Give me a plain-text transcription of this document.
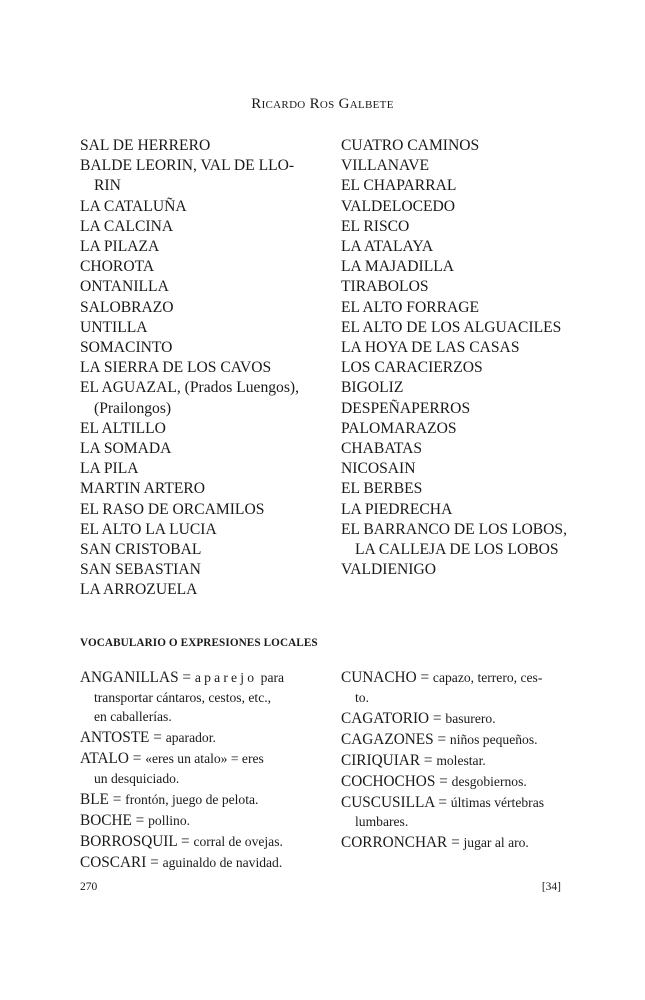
Ricardo Ros Galbete
SAL DE HERRERO
BALDE LEORIN, VAL DE LLO-
RIN
LA CATALUÑA
LA CALCINA
LA PILAZA
CHOROTA
ONTANILLA
SALOBRAZO
UNTILLA
SOMACINTO
LA SIERRA DE LOS CAVOS
EL AGUAZAL, (Prados Luengos),
(Prailongos)
EL ALTILLO
LA SOMADA
LA PILA
MARTIN ARTERO
EL RASO DE ORCAMILOS
EL ALTO LA LUCIA
SAN CRISTOBAL
SAN SEBASTIAN
LA ARROZUELA
CUATRO CAMINOS
VILLANAVE
EL CHAPARRAL
VALDELOCEDO
EL RISCO
LA ATALAYA
LA MAJADILLA
TIRABOLOS
EL ALTO FORRAGE
EL ALTO DE LOS ALGUACILES
LA HOYA DE LAS CASAS
LOS CARACIERZOS
BIGOLIZ
DESPEÑAPERROS
PALOMARAZOS
CHABATAS
NICOSAIN
EL BERBES
LA PIEDRECHA
EL BARRANCO DE LOS LOBOS,
LA CALLEJA DE LOS LOBOS
VALDIENIGO
VOCABULARIO O EXPRESIONES LOCALES
ANGANILLAS = aparejo para
transportar cántaros, cestos, etc.,
en caballerías.
ANTOSTE = aparador.
ATALO = «eres un atalo» = eres
un desquiciado.
BLE = frontón, juego de pelota.
BOCHE = pollino.
BORROSQUIL = corral de ovejas.
COSCARI = aguinaldo de navidad.
CUNACHO = capazo, terrero, ces-
to.
CAGATORIO = basurero.
CAGAZONES = niños pequeños.
CIRIQUIAR = molestar.
COCHOCHOS = desgobiernos.
CUSCUSILLA = últimas vértebras
lumbares.
CORRONCHAR = jugar al aro.
270	[34]
